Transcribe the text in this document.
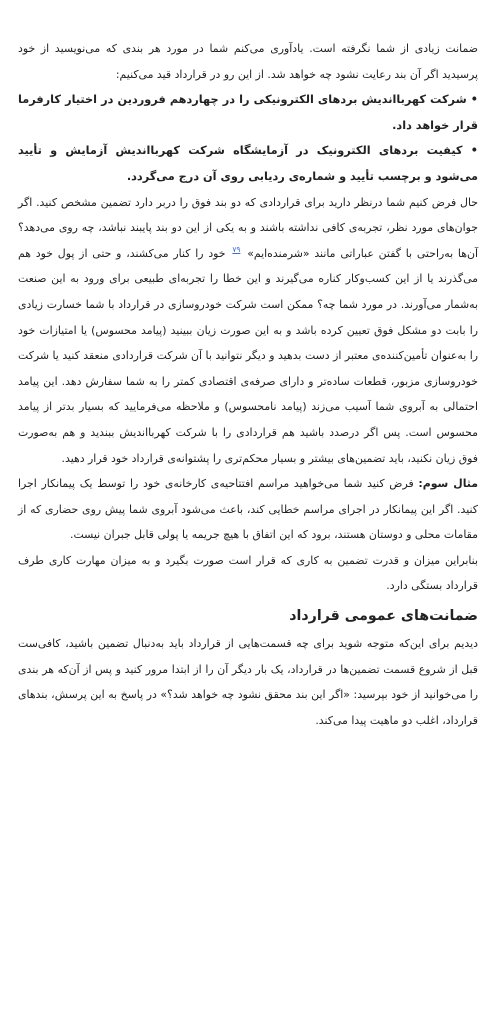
ضمانت زیادی از شما نگرفته است. یادآوری می‌کنم شما در مورد هر بندی که می‌نویسید از خود پرسیدید اگر آن بند رعایت نشود چه خواهد شد. از این رو در قرارداد قید می‌کنیم:

• شرکت کهربااندیش بردهای الکترونیکی را در چهاردهم فروردین در اختیار کارفرما قرار خواهد داد.

• کیفیت بردهای الکترونیک در آزمایشگاه شرکت کهربااندیش آزمایش و تأیید می‌شود و برچسب تأیید و شماره‌ی ردیابی روی آن درج می‌گردد.

حال فرض کنیم شما درنظر دارید برای قراردادی که دو بند فوق را دربر دارد تضمین مشخص کنید. اگر جوان‌های مورد نظر، تجربه‌ی کافی نداشته باشند و به یکی از این دو بند پایبند نباشد، چه روی می‌دهد؟ آن‌ها به‌راحتی با گفتن عباراتی مانند «شرمنده‌ایم» $^{۷۹}$ خود را کنار می‌کشند، و حتی از پول خود هم می‌گذرند یا از این کسب‌وکار کناره می‌گیرند و این خطا را تجربه‌ای طبیعی برای ورود به این صنعت به‌شمار می‌آورند. در مورد شما چه؟ ممکن است شرکت خودروسازی در قرارداد با شما خسارت زیادی را بابت دو مشکل فوق تعیین کرده باشد و به این صورت زیان ببینید (پیامد محسوس) یا امتیازات خود را به‌عنوان تأمین‌کننده‌ی معتبر از دست بدهید و دیگر نتوانید با آن شرکت قراردادی منعقد کنید یا شرکت خودروسازی مزبور، قطعات ساده‌تر و دارای صرفه‌ی اقتصادی کمتر را به شما سفارش دهد. این پیامد احتمالی به آبروی شما آسیب می‌زند (پیامد نامحسوس) و ملاحظه می‌فرمایید که بسیار بدتر از پیامد محسوس است. پس اگر درصدد باشید هم قراردادی را با شرکت کهربااندیش ببندید و هم به‌صورت فوق زیان نکنید، باید تضمین‌های بیشتر و بسیار محکم‌تری را پشتوانه‌ی قرارداد خود قرار دهید.

مثال سوم: فرض کنید شما می‌خواهید مراسم افتتاحیه‌ی کارخانه‌ی خود را توسط یک پیمانکار اجرا کنید. اگر این پیمانکار در اجرای مراسم خطایی کند، باعث می‌شود آبروی شما پیش روی حضاری که از مقامات محلی و دوستان هستند، برود که این اتفاق با هیچ جریمه یا پولی قابل جبران نیست.

بنابراین میزان و قدرت تضمین به کاری که قرار است صورت بگیرد و به میزان مهارت کاری طرف قرارداد بستگی دارد.

ضمانت‌های عمومی قرارداد

دیدیم برای این‌که متوجه شوید برای چه قسمت‌هایی از قرارداد باید به‌دنبال تضمین باشید، کافی‌ست قبل از شروع قسمت تضمین‌ها در قرارداد، یک بار دیگر آن را از ابتدا مرور کنید و پس از آن‌که هر بندی را می‌خوانید از خود بپرسید: «اگر این بند محقق نشود چه خواهد شد؟» در پاسخ به این پرسش، بندهای قرارداد، اغلب دو ماهیت پیدا می‌کند.
